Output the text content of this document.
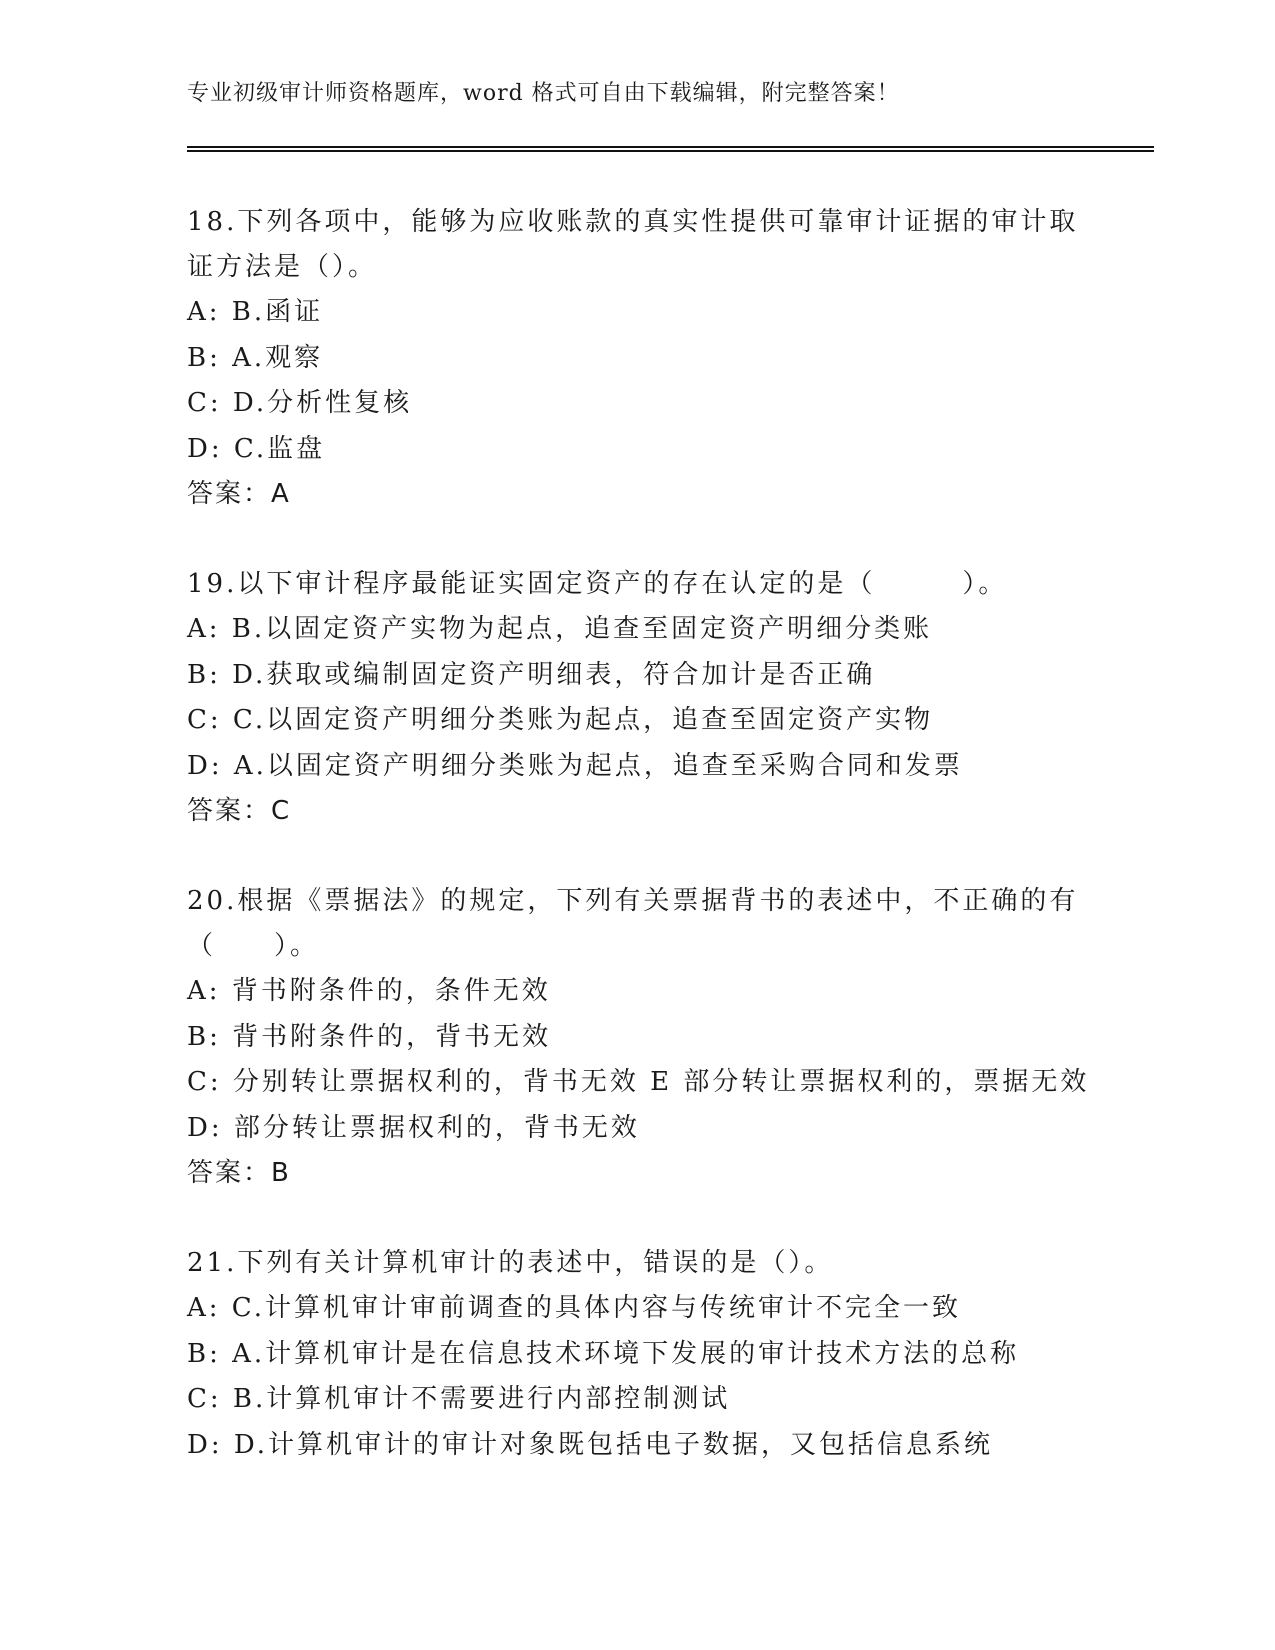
专业初级审计师资格题库，word 格式可自由下载编辑，附完整答案！

18.下列各项中，能够为应收账款的真实性提供可靠审计证据的审计取证方法是（）。

A: B.函证

B: A.观察

C: D.分析性复核

D: C.监盘

答案：A

19.以下审计程序最能证实固定资产的存在认定的是（　　　）。

A: B.以固定资产实物为起点，追查至固定资产明细分类账

B: D.获取或编制固定资产明细表，符合加计是否正确

C: C.以固定资产明细分类账为起点，追查至固定资产实物

D: A.以固定资产明细分类账为起点，追查至采购合同和发票

答案：C

20.根据《票据法》的规定，下列有关票据背书的表述中，不正确的有（　　）。

A: 背书附条件的，条件无效

B: 背书附条件的，背书无效

C: 分别转让票据权利的，背书无效 E 部分转让票据权利的，票据无效

D: 部分转让票据权利的，背书无效

答案：B

21.下列有关计算机审计的表述中，错误的是（）。

A: C.计算机审计审前调查的具体内容与传统审计不完全一致

B: A.计算机审计是在信息技术环境下发展的审计技术方法的总称

C: B.计算机审计不需要进行内部控制测试

D: D.计算机审计的审计对象既包括电子数据，又包括信息系统
